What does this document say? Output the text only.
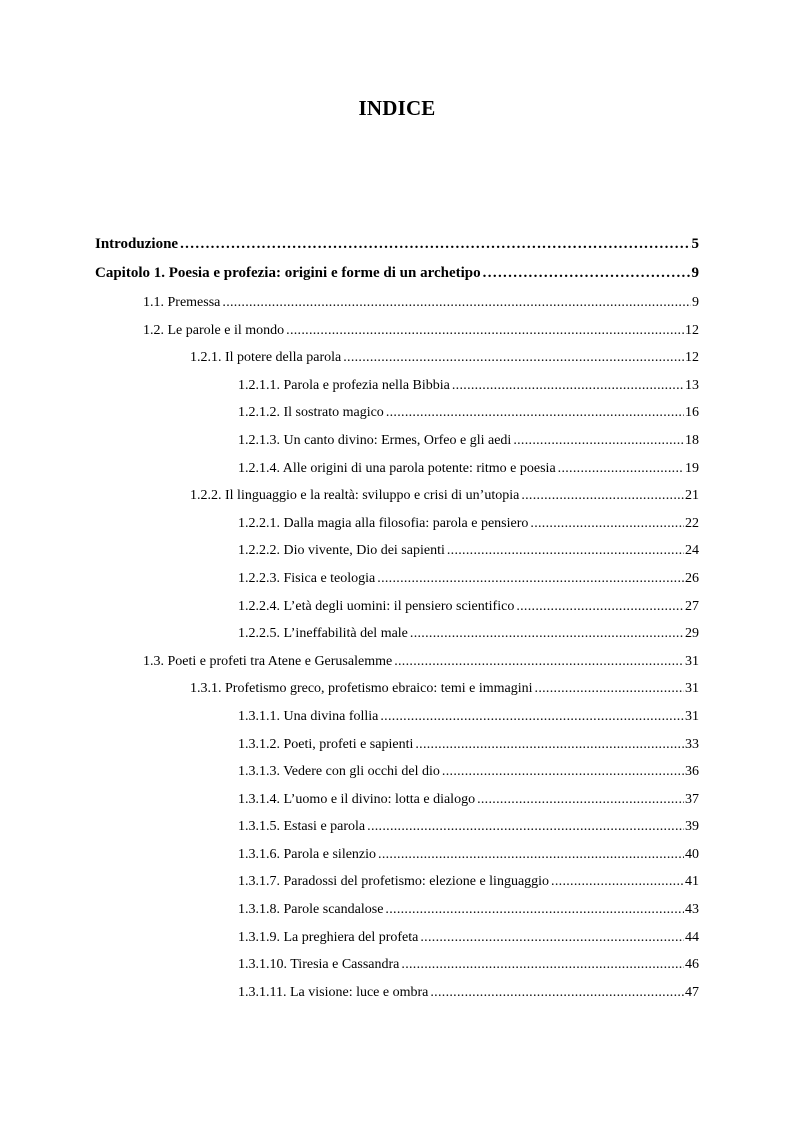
INDICE
Introduzione . . .	5
Capitolo 1. Poesia e profezia: origini e forme di un archetipo . . .	9
1.1. Premessa . . .	9
1.2. Le parole e il mondo . . .	12
1.2.1. Il potere della parola . . .	12
1.2.1.1. Parola e profezia nella Bibbia . . .	13
1.2.1.2. Il sostrato magico . . .	16
1.2.1.3. Un canto divino: Ermes, Orfeo e gli aedi . . .	18
1.2.1.4. Alle origini di una parola potente: ritmo e poesia . . .	19
1.2.2. Il linguaggio e la realtà: sviluppo e crisi di un’utopia . . .	21
1.2.2.1. Dalla magia alla filosofia: parola e pensiero . . .	22
1.2.2.2. Dio vivente, Dio dei sapienti . . .	24
1.2.2.3. Fisica e teologia . . .	26
1.2.2.4. L’età degli uomini: il pensiero scientifico . . .	27
1.2.2.5. L’ineffabilità del male . . .	29
1.3. Poeti e profeti tra Atene e Gerusalemme . . .	31
1.3.1. Profetismo greco, profetismo ebraico: temi e immagini . . .	31
1.3.1.1. Una divina follia . . .	31
1.3.1.2. Poeti, profeti e sapienti . . .	33
1.3.1.3. Vedere con gli occhi del dio . . .	36
1.3.1.4. L’uomo e il divino: lotta e dialogo . . .	37
1.3.1.5. Estasi e parola . . .	39
1.3.1.6. Parola e silenzio . . .	40
1.3.1.7. Paradossi del profetismo: elezione e linguaggio . . .	41
1.3.1.8. Parole scandalose . . .	43
1.3.1.9. La preghiera del profeta . . .	44
1.3.1.10. Tiresia e Cassandra . . .	46
1.3.1.11. La visione: luce e ombra . . .	47
